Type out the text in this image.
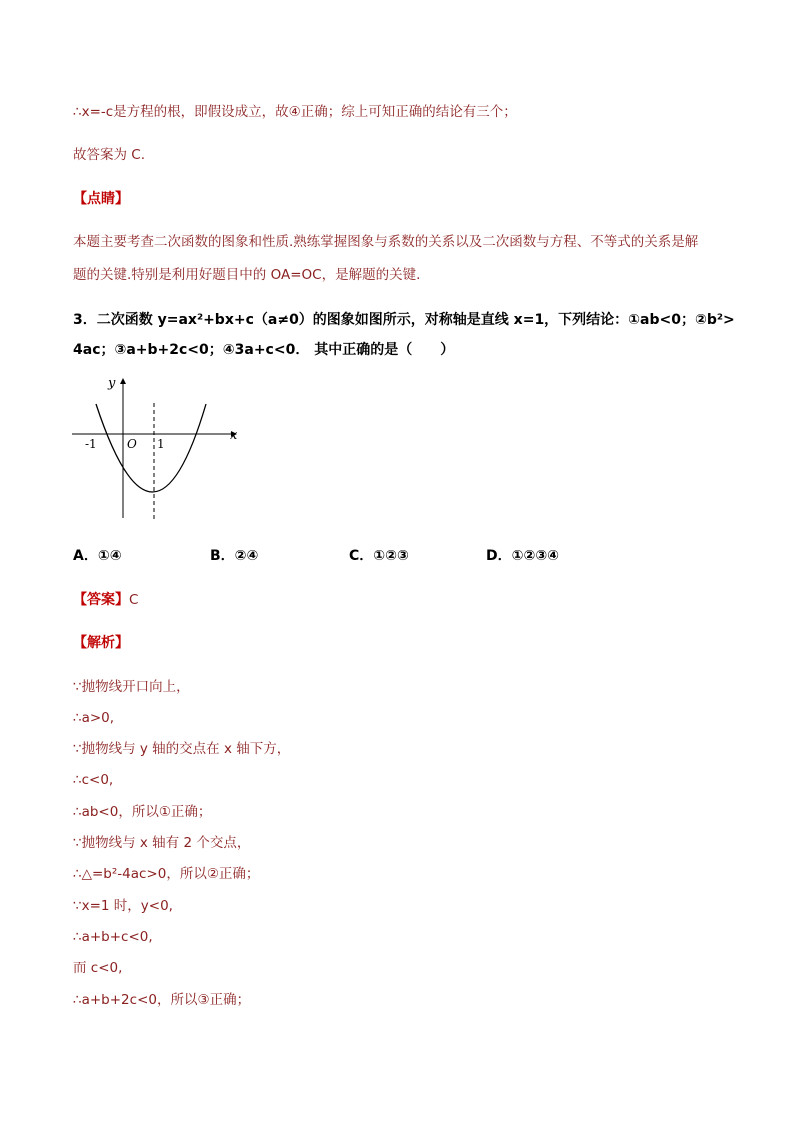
∴x=-c是方程的根，即假设成立，故④正确；综上可知正确的结论有三个；
故答案为 C.
【点睛】
本题主要考查二次函数的图象和性质.熟练掌握图象与系数的关系以及二次函数与方程、不等式的关系是解
题的关键.特别是利用好题目中的 OA=OC，是解题的关键.
3．二次函数 y=ax²+bx+c（a≠0）的图象如图所示，对称轴是直线 x=1，下列结论：①ab<0；②b²>
4ac；③a+b+2c<0；④3a+c<0． 其中正确的是（　　）
y
x
-1	O 1
A．①④	B．②④	C．①②③	D．①②③④
【答案】C
【解析】
∵抛物线开口向上，
∴a>0,
∵抛物线与 y 轴的交点在 x 轴下方，
∴c<0,
∴ab<0，所以①正确；
∵抛物线与 x 轴有 2 个交点，
∴△=b²-4ac>0，所以②正确；
∵x=1 时，y<0,
∴a+b+c<0,
而 c<0,
∴a+b+2c<0，所以③正确；
